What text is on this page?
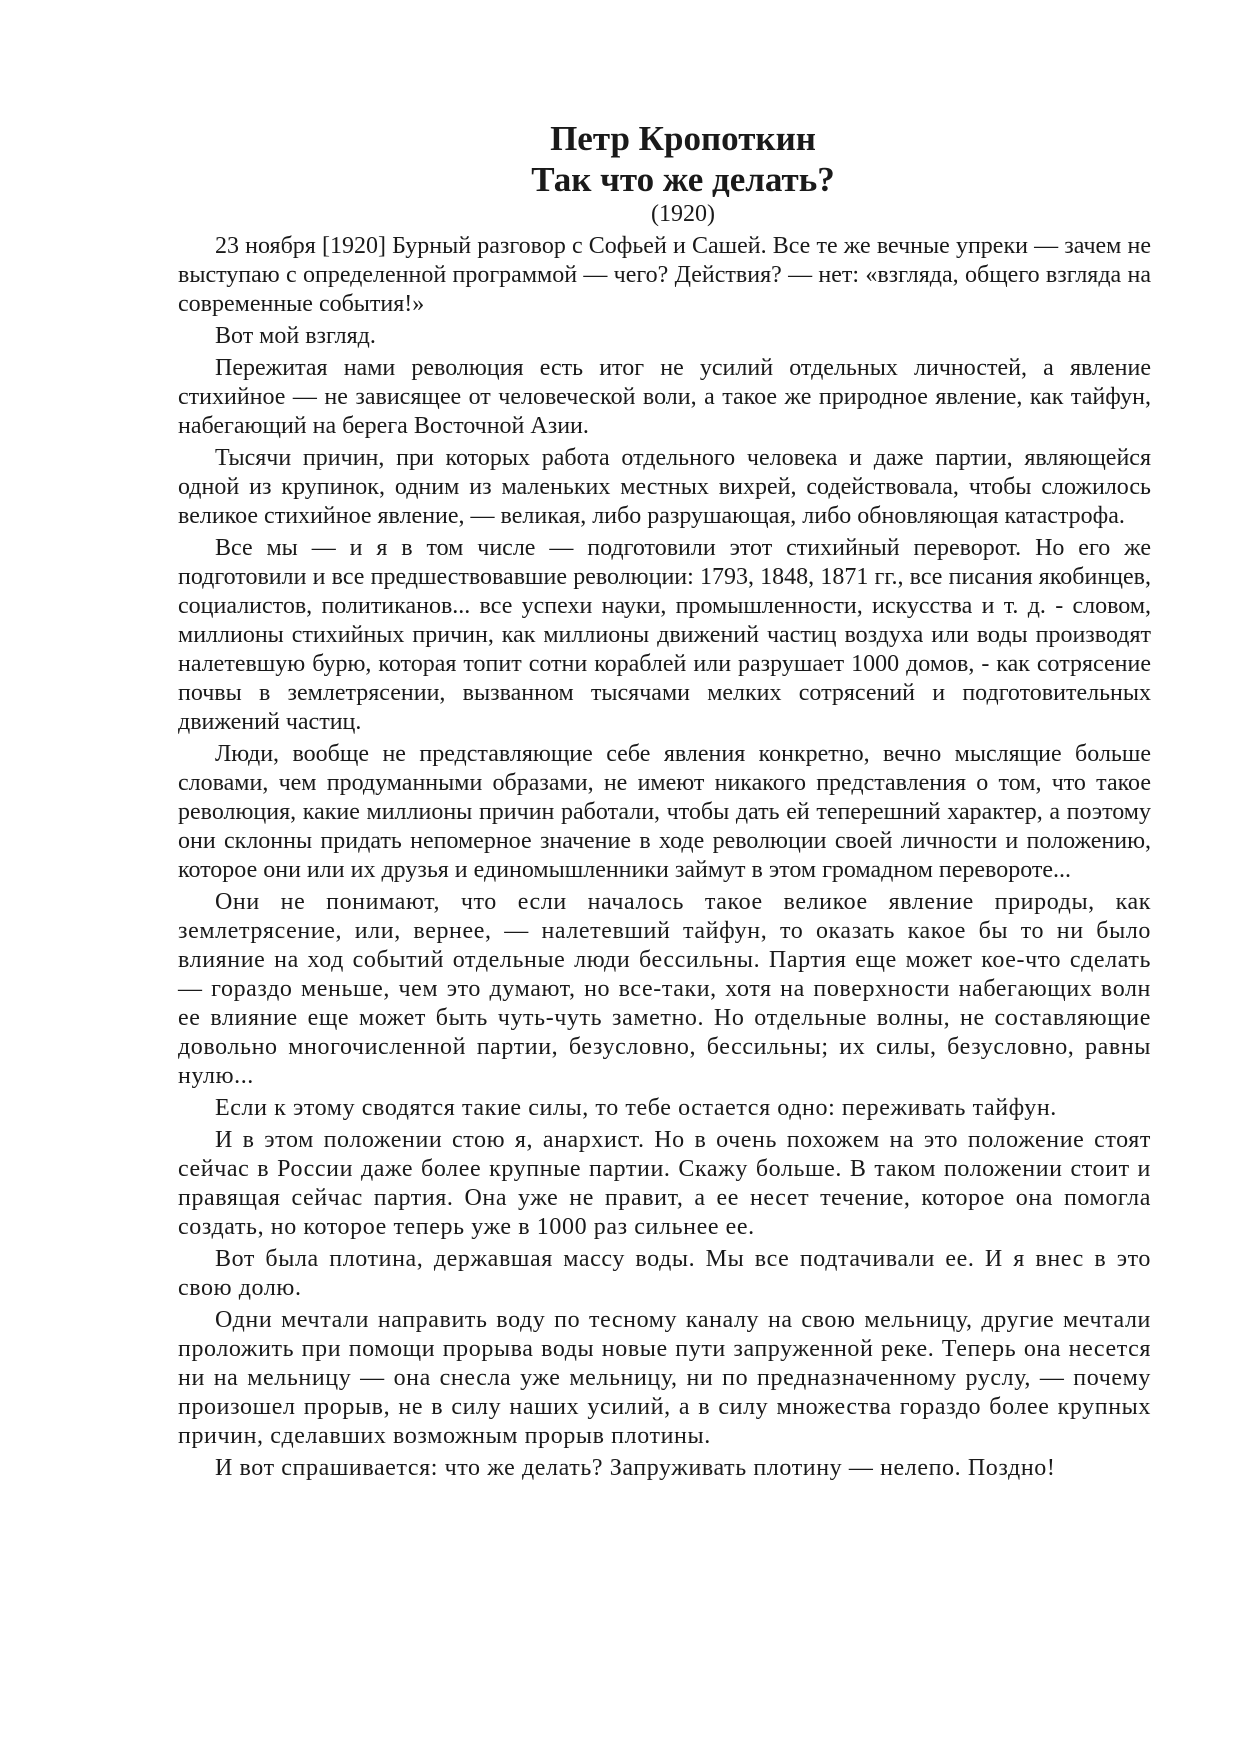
Петр Кропоткин
Так что же делать?
(1920)

23 ноября [1920] Бурный разговор с Софьей и Сашей. Все те же вечные упреки — зачем не выступаю с определенной программой — чего? Действия? — нет: «взгляда, общего взгляда на современные события!»

Вот мой взгляд.

Пережитая нами революция есть итог не усилий отдельных личностей, а явление стихийное — не зависящее от человеческой воли, а такое же природное явление, как тайфун, набегающий на берега Восточной Азии.

Тысячи причин, при которых работа отдельного человека и даже партии, являющейся одной из крупинок, одним из маленьких местных вихрей, содействовала, чтобы сложилось великое стихийное явление, — великая, либо разрушающая, либо обновляющая катастрофа.

Все мы — и я в том числе — подготовили этот стихийный переворот. Но его же подготовили и все предшествовавшие революции: 1793, 1848, 1871 гг., все писания якобинцев, социалистов, политиканов... все успехи науки, промышленности, искусства и т. д. - словом, миллионы стихийных причин, как миллионы движений частиц воздуха или воды производят налетевшую бурю, которая топит сотни кораблей или разрушает 1000 домов, - как сотрясение почвы в землетрясении, вызванном тысячами мелких сотрясений и подготовительных движений частиц.

Люди, вообще не представляющие себе явления конкретно, вечно мыслящие больше словами, чем продуманными образами, не имеют никакого представления о том, что такое революция, какие миллионы причин работали, чтобы дать ей теперешний характер, а поэтому они склонны придать непомерное значение в ходе революции своей личности и положению, которое они или их друзья и единомышленники займут в этом громадном перевороте...

Они не понимают, что если началось такое великое явление природы, как землетрясение, или, вернее, — налетевший тайфун, то оказать какое бы то ни было влияние на ход событий отдельные люди бессильны. Партия еще может кое-что сделать — гораздо меньше, чем это думают, но все-таки, хотя на поверхности набегающих волн ее влияние еще может быть чуть-чуть заметно. Но отдельные волны, не составляющие довольно многочисленной партии, безусловно, бессильны; их силы, безусловно, равны нулю...

Если к этому сводятся такие силы, то тебе остается одно: переживать тайфун.

И в этом положении стою я, анархист. Но в очень похожем на это положение стоят сейчас в России даже более крупные партии. Скажу больше. В таком положении стоит и правящая сейчас партия. Она уже не правит, а ее несет течение, которое она помогла создать, но которое теперь уже в 1000 раз сильнее ее.

Вот была плотина, державшая массу воды. Мы все подтачивали ее. И я внес в это свою долю.

Одни мечтали направить воду по тесному каналу на свою мельницу, другие мечтали проложить при помощи прорыва воды новые пути запруженной реке. Теперь она несется ни на мельницу — она снесла уже мельницу, ни по предназначенному руслу, — почему произошел прорыв, не в силу наших усилий, а в силу множества гораздо более крупных причин, сделавших возможным прорыв плотины.

И вот спрашивается: что же делать? Запруживать плотину — нелепо. Поздно!
